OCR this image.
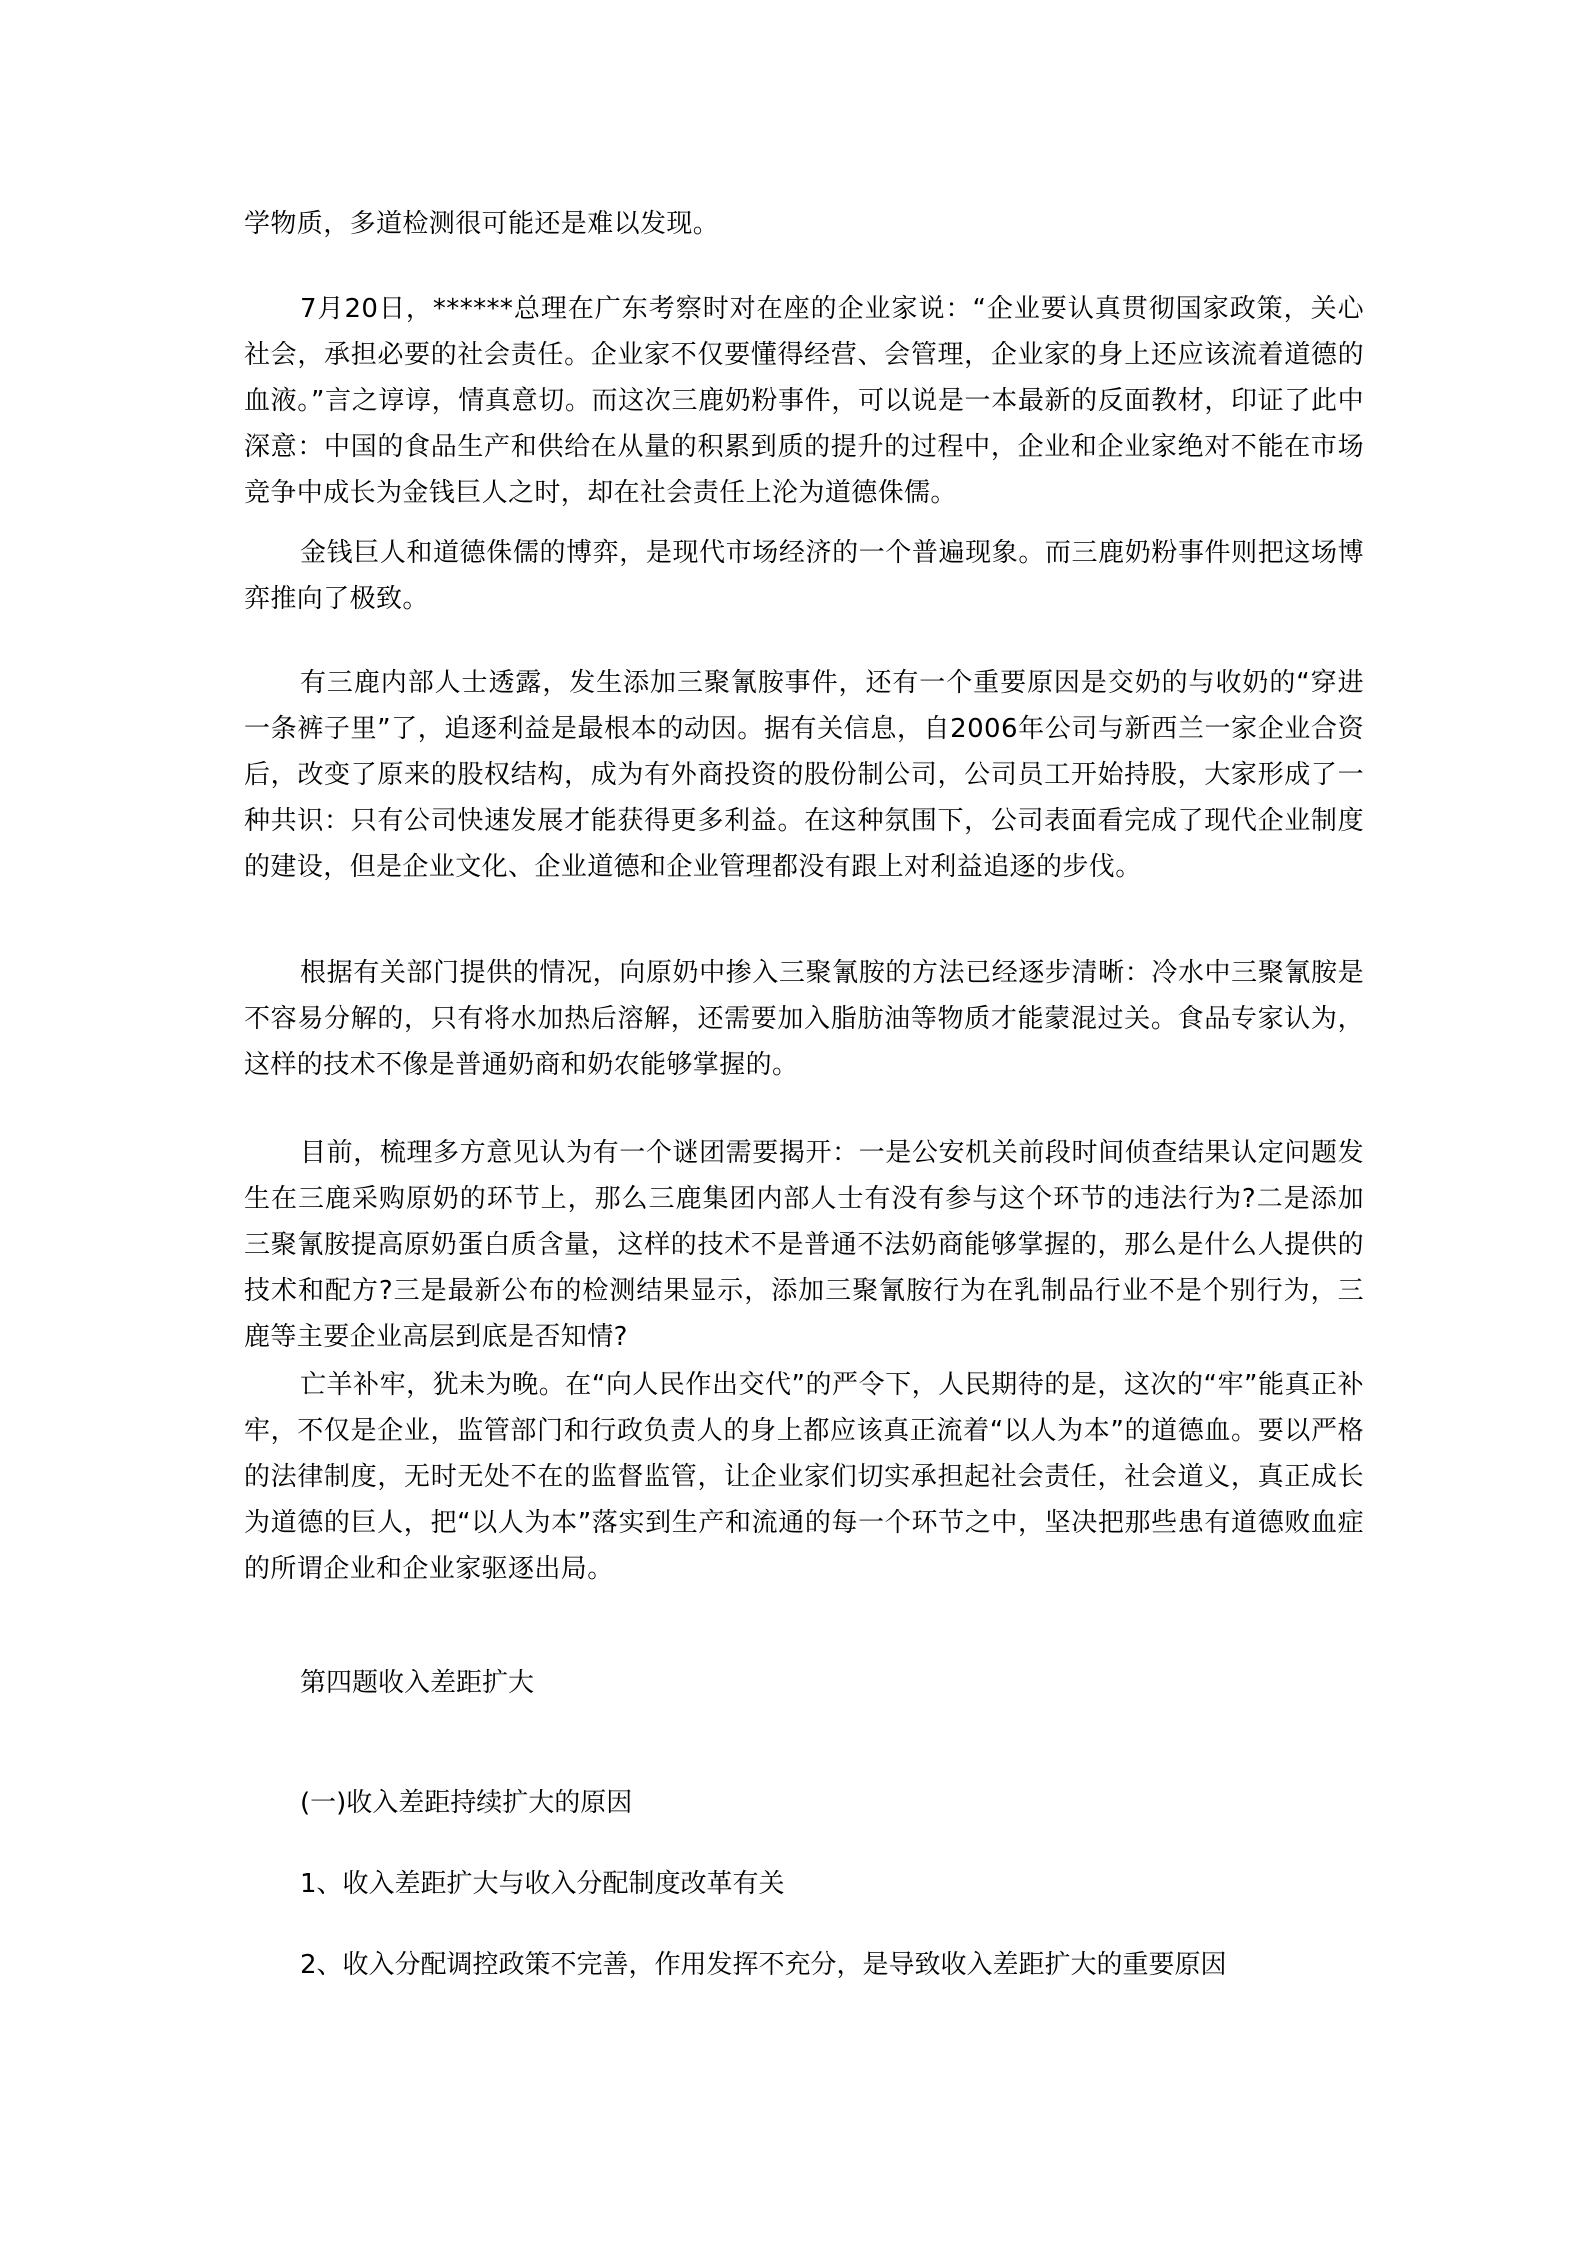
学物质，多道检测很可能还是难以发现。

7月20日，******总理在广东考察时对在座的企业家说：“企业要认真贯彻国家政策，关心社会，承担必要的社会责任。企业家不仅要懂得经营、会管理，企业家的身上还应该流着道德的血液。”言之谆谆，情真意切。而这次三鹿奶粉事件，可以说是一本最新的反面教材，印证了此中深意：中国的食品生产和供给在从量的积累到质的提升的过程中，企业和企业家绝对不能在市场竞争中成长为金钱巨人之时，却在社会责任上沦为道德侏儒。

金钱巨人和道德侏儒的博弈，是现代市场经济的一个普遍现象。而三鹿奶粉事件则把这场博弈推向了极致。

有三鹿内部人士透露，发生添加三聚氰胺事件，还有一个重要原因是交奶的与收奶的“穿进一条裤子里”了，追逐利益是最根本的动因。据有关信息，自2006年公司与新西兰一家企业合资后，改变了原来的股权结构，成为有外商投资的股份制公司，公司员工开始持股，大家形成了一种共识：只有公司快速发展才能获得更多利益。在这种氛围下，公司表面看完成了现代企业制度的建设，但是企业文化、企业道德和企业管理都没有跟上对利益追逐的步伐。

根据有关部门提供的情况，向原奶中掺入三聚氰胺的方法已经逐步清晰：冷水中三聚氰胺是不容易分解的，只有将水加热后溶解，还需要加入脂肪油等物质才能蒙混过关。食品专家认为，这样的技术不像是普通奶商和奶农能够掌握的。

目前，梳理多方意见认为有一个谜团需要揭开：一是公安机关前段时间侦查结果认定问题发生在三鹿采购原奶的环节上，那么三鹿集团内部人士有没有参与这个环节的违法行为?二是添加三聚氰胺提高原奶蛋白质含量，这样的技术不是普通不法奶商能够掌握的，那么是什么人提供的技术和配方?三是最新公布的检测结果显示，添加三聚氰胺行为在乳制品行业不是个别行为，三鹿等主要企业高层到底是否知情?

亡羊补牢，犹未为晚。在“向人民作出交代”的严令下，人民期待的是，这次的“牢”能真正补牢，不仅是企业，监管部门和行政负责人的身上都应该真正流着“以人为本”的道德血。要以严格的法律制度，无时无处不在的监督监管，让企业家们切实承担起社会责任，社会道义，真正成长为道德的巨人，把“以人为本”落实到生产和流通的每一个环节之中，坚决把那些患有道德败血症的所谓企业和企业家驱逐出局。

第四题收入差距扩大

(一)收入差距持续扩大的原因

1、收入差距扩大与收入分配制度改革有关

2、收入分配调控政策不完善，作用发挥不充分，是导致收入差距扩大的重要原因
